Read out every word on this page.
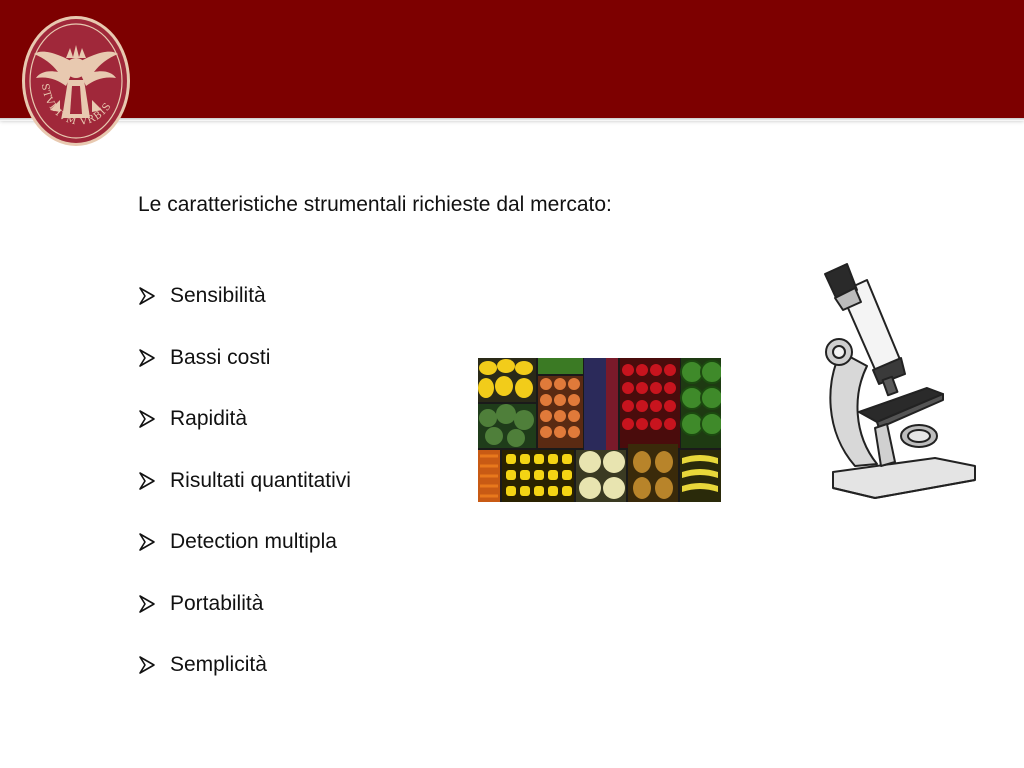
STVDIVM VRBIS
Le caratteristiche strumentali richieste dal mercato:
Sensibilità
Bassi costi
Rapidità
Risultati quantitativi
Detection multipla
Portabilità
Semplicità
